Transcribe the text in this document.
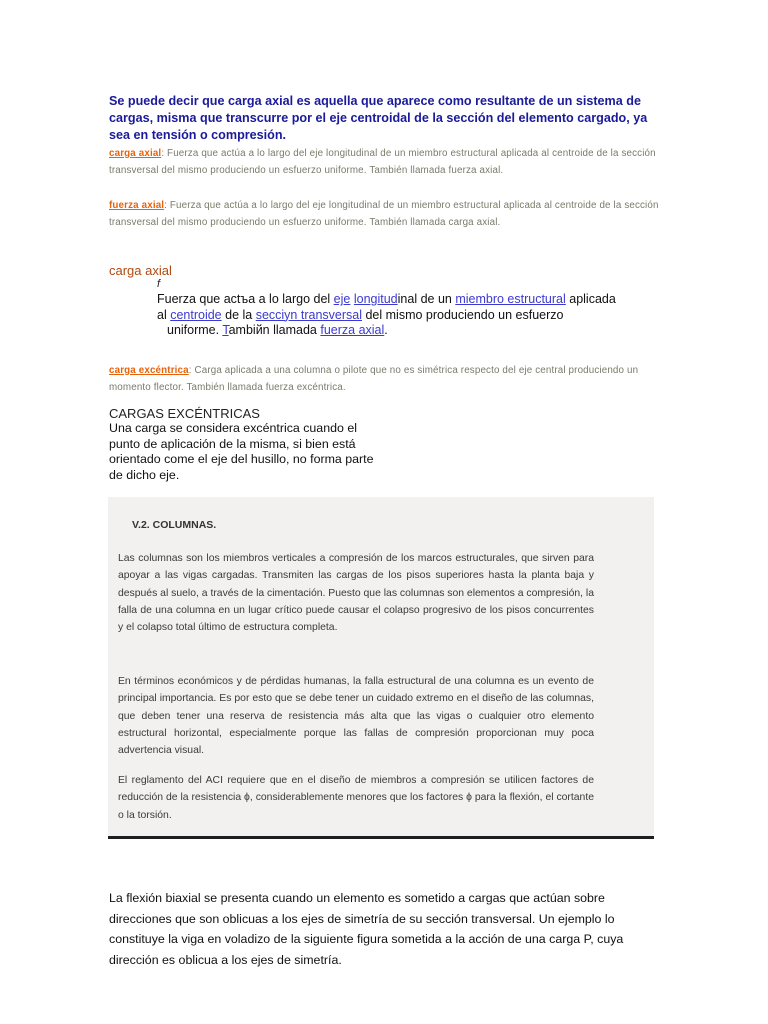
Se puede decir que carga axial es aquella que aparece como resultante de un sistema de cargas, misma que transcurre por el eje centroidal de la sección del elemento cargado, ya sea en tensión o compresión.

carga axial: Fuerza que actúa a lo largo del eje longitudinal de un miembro estructural aplicada al centroide de la sección transversal del mismo produciendo un esfuerzo uniforme. También llamada fuerza axial.

fuerza axial: Fuerza que actúa a lo largo del eje longitudinal de un miembro estructural aplicada al centroide de la sección transversal del mismo produciendo un esfuerzo uniforme. También llamada carga axial.

carga axial

f

Fuerza que actъa a lo largo del eje longitudinal de un miembro estructural aplicada
al centroide de la secciуn transversal del mismo produciendo un esfuerzo
uniforme. Tambiйn llamada fuerza axial.

carga excéntrica: Carga aplicada a una columna o pilote que no es simétrica respecto del eje central produciendo un momento flector. También llamada fuerza excéntrica.

CARGAS EXCÉNTRICAS

Una carga se considera excéntrica cuando el punto de aplicación de la misma, si bien está orientado come el eje del husillo, no forma parte de dicho eje.

V.2. COLUMNAS.

Las columnas son los miembros verticales a compresión de los marcos estructurales, que sirven para apoyar a las vigas cargadas. Transmiten las cargas de los pisos superiores hasta la planta baja y después al suelo, a través de la cimentación. Puesto que las columnas son elementos a compresión, la falla de una columna en un lugar crítico puede causar el colapso progresivo de los pisos concurrentes y el colapso total último de estructura completa.

En términos económicos y de pérdidas humanas, la falla estructural de una columna es un evento de principal importancia. Es por esto que se debe tener un cuidado extremo en el diseño de las columnas, que deben tener una reserva de resistencia más alta que las vigas o cualquier otro elemento estructural horizontal, especialmente porque las fallas de compresión proporcionan muy poca advertencia visual.

El reglamento del ACI requiere que en el diseño de miembros a compresión se utilicen factores de reducción de la resistencia ϕ, considerablemente menores que los factores ϕ para la flexión, el cortante o la torsión.

La flexión biaxial se presenta cuando un elemento es sometido a cargas que actúan sobre direcciones que son oblicuas a los ejes de simetría de su sección transversal. Un ejemplo lo constituye la viga en voladizo de la siguiente figura sometida a la acción de una carga P, cuya dirección es oblicua a los ejes de simetría.
